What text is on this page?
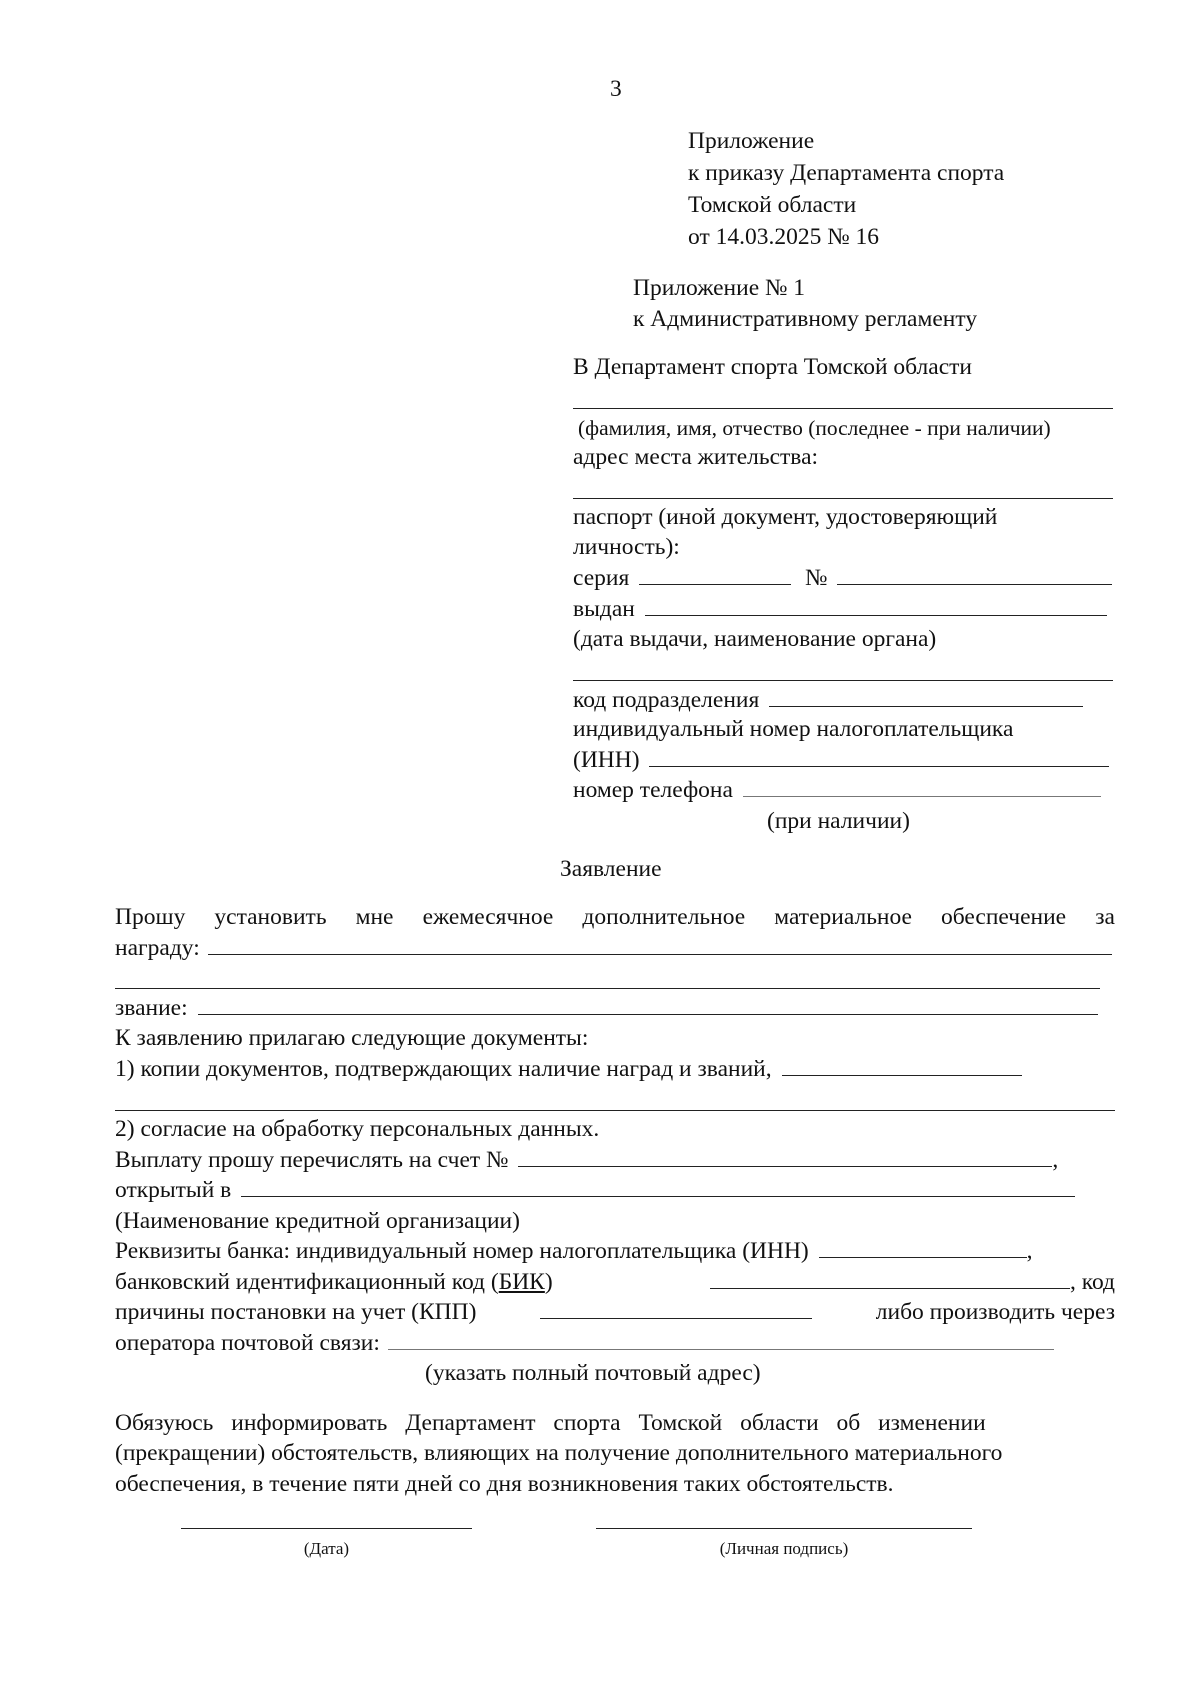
3
Приложение
к приказу Департамента спорта
Томской области
от 14.03.2025 № 16
Приложение № 1
к Административному регламенту
В Департамент спорта Томской области
(фамилия, имя, отчество (последнее - при наличии)
адрес места жительства:
паспорт (иной документ, удостоверяющий
личность):
серия	№
выдан
(дата выдачи, наименование органа)
код подразделения
индивидуальный номер налогоплательщика
(ИНН)
номер телефона
(при наличии)
Заявление
Прошу установить мне ежемесячное дополнительное материальное обеспечение за
награду:
звание:
К заявлению прилагаю следующие документы:
1) копии документов, подтверждающих наличие наград и званий,
2) согласие на обработку персональных данных.
Выплату прошу перечислять на счет №	,
открытый в
(Наименование кредитной организации)
Реквизиты банка: индивидуальный номер налогоплательщика (ИНН)	,
банковский идентификационный код (БИК)	, код
причины постановки на учет (КПП)	либо производить через
оператора почтовой связи:
(указать полный почтовый адрес)
Обязуюсь информировать Департамент спорта Томской области об изменении
(прекращении) обстоятельств, влияющих на получение дополнительного материального
обеспечения, в течение пяти дней со дня возникновения таких обстоятельств.
(Дата)	(Личная подпись)
